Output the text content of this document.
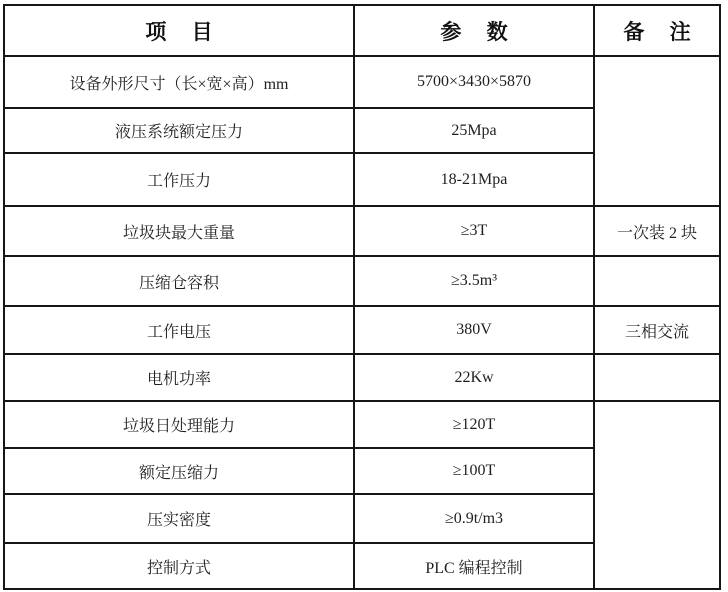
项 目	参 数	备 注
设备外形尺寸（长×宽×高）mm	5700×3430×5870	
液压系统额定压力	25Mpa	
工作压力	18-21Mpa	
垃圾块最大重量	≥3T	一次装 2 块
压缩仓容积	≥3.5m³	
工作电压	380V	三相交流
电机功率	22Kw	
垃圾日处理能力	≥120T	
额定压缩力	≥100T	
压实密度	≥0.9t/m3	
控制方式	PLC 编程控制	
